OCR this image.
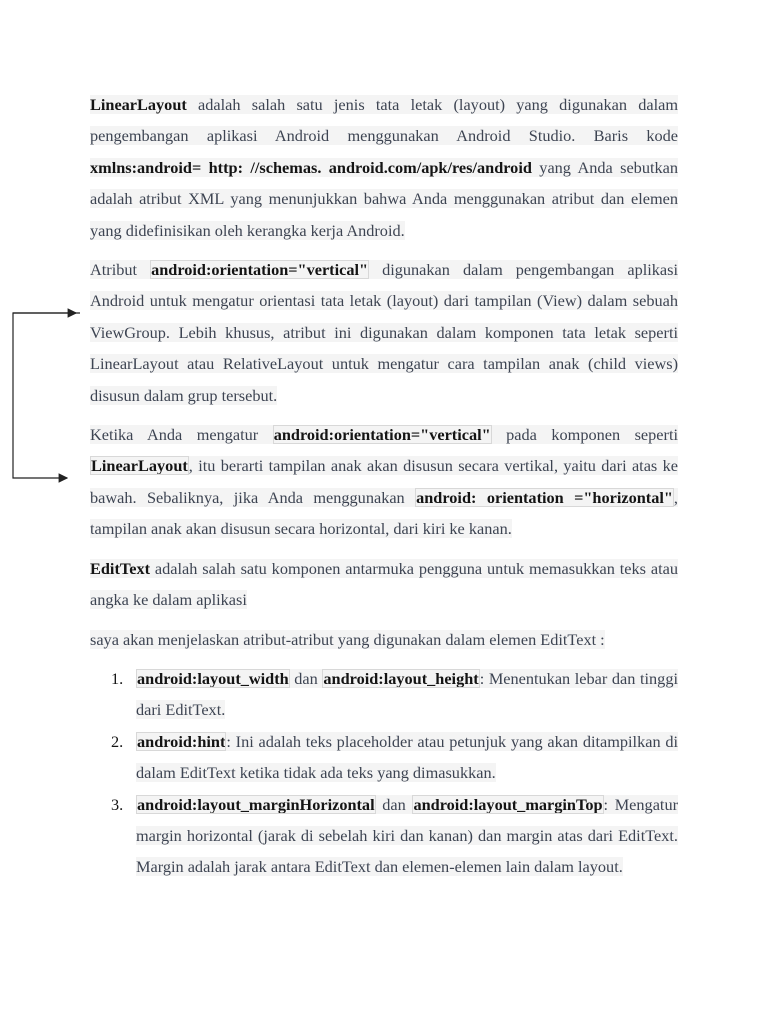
LinearLayout adalah salah satu jenis tata letak (layout) yang digunakan dalam pengembangan aplikasi Android menggunakan Android Studio. Baris kode xmlns:android= http: //schemas. android.com/apk/res/android yang Anda sebutkan adalah atribut XML yang menunjukkan bahwa Anda menggunakan atribut dan elemen yang didefinisikan oleh kerangka kerja Android.

Atribut android:orientation="vertical" digunakan dalam pengembangan aplikasi Android untuk mengatur orientasi tata letak (layout) dari tampilan (View) dalam sebuah ViewGroup. Lebih khusus, atribut ini digunakan dalam komponen tata letak seperti LinearLayout atau RelativeLayout untuk mengatur cara tampilan anak (child views) disusun dalam grup tersebut.

Ketika Anda mengatur android:orientation="vertical" pada komponen seperti LinearLayout, itu berarti tampilan anak akan disusun secara vertikal, yaitu dari atas ke bawah. Sebaliknya, jika Anda menggunakan android: orientation ="horizontal", tampilan anak akan disusun secara horizontal, dari kiri ke kanan.

EditText adalah salah satu komponen antarmuka pengguna untuk memasukkan teks atau angka ke dalam aplikasi

saya akan menjelaskan atribut-atribut yang digunakan dalam elemen EditText :

1. android:layout_width dan android:layout_height: Menentukan lebar dan tinggi dari EditText.
2. android:hint: Ini adalah teks placeholder atau petunjuk yang akan ditampilkan di dalam EditText ketika tidak ada teks yang dimasukkan.
3. android:layout_marginHorizontal dan android:layout_marginTop: Mengatur margin horizontal (jarak di sebelah kiri dan kanan) dan margin atas dari EditText. Margin adalah jarak antara EditText dan elemen-elemen lain dalam layout.
